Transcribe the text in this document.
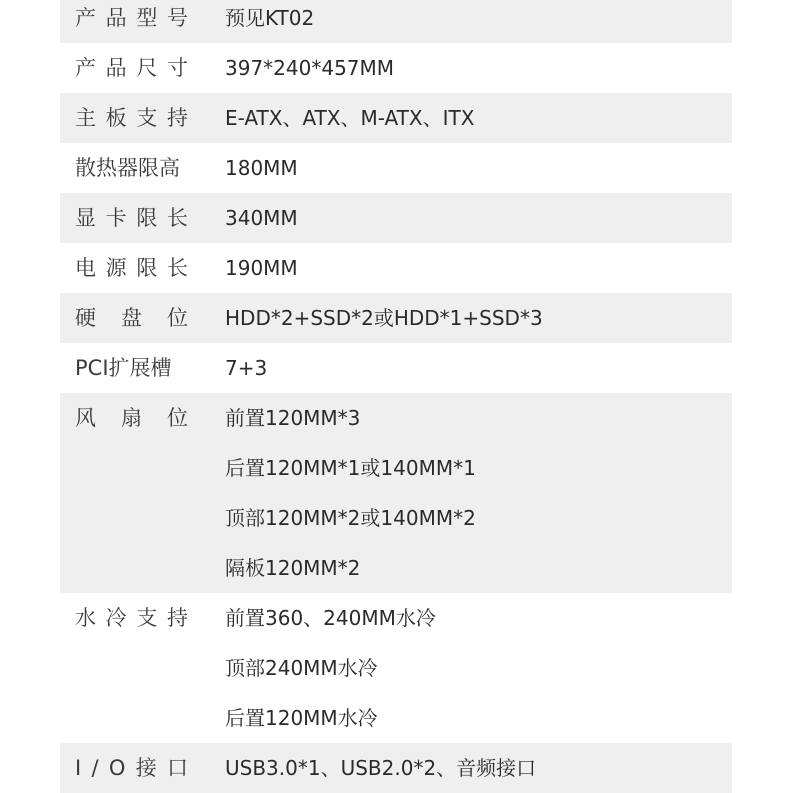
产 品 型 号 预见KT02
产 品 尺 寸 397*240*457MM
主 板 支 持 E-ATX、ATX、M-ATX、ITX
散热器限高	180MM
显 卡 限 长 340MM
电 源 限 长 190MM
硬 盘 位 HDD*2+SSD*2或HDD*1+SSD*3
PCI扩展槽	7+3
风 扇 位 前置120MM*3
后置120MM*1或140MM*1
顶部120MM*2或140MM*2
隔板120MM*2
水 冷 支 持 前置360、240MM水冷
顶部240MM水冷
后置120MM水冷
I / O 接 口 USB3.0*1、USB2.0*2、音频接口
